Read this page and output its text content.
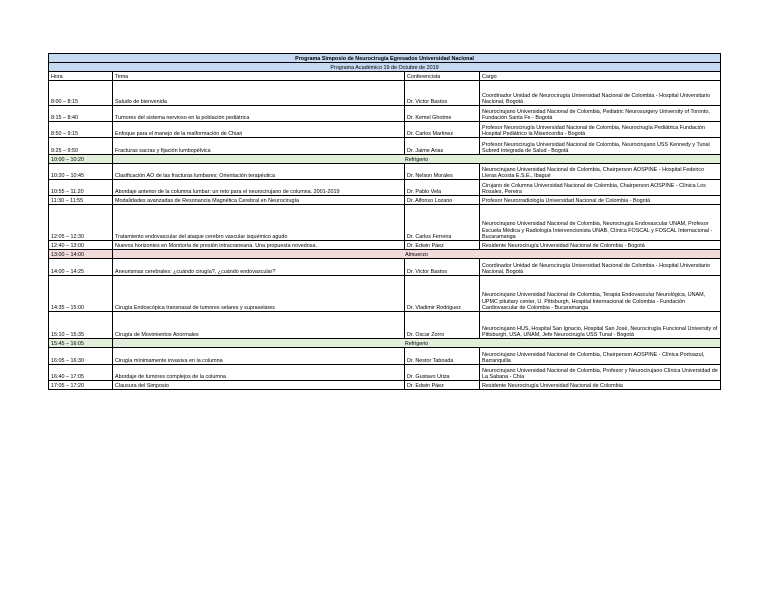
Programa Simposio de Neurocirugía Egresados Universidad Nacional			
Programa Académico 19 de Octubre de 2019			
Hora	Tema	Conferencista	Cargo
8:00 – 8:15	Saludo de bienvenida	Dr. Victor Bastos	Coordinador Unidad de Neurocirugía Universidad Nacional de Colombia - Hospital Universitario Nacional, Bogotá
8:15 – 8:40	Tumores del sistema nervioso en la población pediátrica	Dr. Kemel Ghotme	Neurocirujano Universidad Nacional de Colombia, Pediatric Neurosurgery University of Toronto, Fundación Santa Fe - Bogotá
8:50 – 9:15	Enfoque para el manejo de la malformación de Chiari	Dr. Carlos Martinez	Profesor Neurocirugía Universidad Nacional de Colombia, Neurocirugía Pediátrica Fundación Hospital Pediátrico la Misericordia - Bogotá
9:25 – 9:50	Fracturas sacras y fijación lumbopélvica	Dr. Jaime Arias	Profesor Neurocirugía Universidad Nacional de Colombia, Neurocirujano USS Kennedy y Tunal Subred Integrada de Salud - Bogotá
10:00 – 10:20	Refrigerio		
10:20 – 10:45	Clasificación AO de las fracturas lumbares; Orientación terapéutica	Dr. Nelson Morales	Neurocirujano Universidad Nacional de Colombia, Chairperson AOSPINE - Hospital Federico Lleras Acosta E.S.E., Ibagué
10:55 – 11:20	Abordaje anterior de la columna lumbar: un reto para el neurocirujano de columna. 2001-2019	Dr. Pablo Vela	Cirujano de Columna Universidad Nacional de Colombia, Chairperson AOSPINE - Clínica Los Rosales, Pereira
11:30 – 11:55	Modalidades avanzadas de Resonancia Magnética Cerebral en Neurocirugía	Dr. Alfonso Lozano	Profesor Neurorradiología Universidad Nacional de Colombia - Bogotá
12:05 – 12:30	Tratamiento endovascular del ataque cerebro vascular isquémico agudo	Dr. Carlos Ferreira	Neurocirujano Universidad Nacional de Colombia, Neurocirugía Endovascular UNAM, Profesor Escuela Médica y Radiología Intervencionista UNAB, Clínica FOSCAL y FOSCAL Internacional - Bucaramanga
12:40 – 13:00	Nuevos horizontes en Monitoría de presión intracraneana. Una propuesta novedosa.	Dr. Edwin Páez	Residente Neurocirugía Universidad Nacional de Colombia - Bogotá
13:00 – 14:00	Almuerzo		
14:00 – 14:25	Aneurismas cerebrales: ¿cuándo cirugía?, ¿cuándo endovascular?	Dr. Victor Bastos	Coordinador Unidad de Neurocirugía Universidad Nacional de Colombia - Hospital Universitario Nacional, Bogotá
14:35 – 15:00	Cirugía Endoscópica transnasal de tumores selares y supraselares	Dr. Vladimir Rodriguez	Neurocirujano Universidad Nacional de Colombia, Terapia Endovascular Neurológica, UNAM, UPMC pituitary center, U. Pittsburgh, Hospital Internacional de Colombia - Fundación Cardiovascular de Colombia - Bucaramanga
15:10 – 15:35	Cirugía de Movimientos Anormales	Dr. Oscar Zorro	Neurocirujano HUS, Hospital San Ignacio, Hospital San José, Neurocirugía Funcional University of Pittsburgh, USA, UNAM, Jefe Neurocirugía USS Tunal - Bogotá
15:45 – 16:05	Refrigerio		
16:05 – 16:30	Cirugía mínimamente invasiva en la columna	Dr. Nestor Taboada	Neurocirujano Universidad Nacional de Colombia, Chairperson AOSPINE - Clínica Portoazul, Barranquilla
16:40 – 17:05	Abordaje de tumores complejos de la columna	Dr. Gustavo Uriza	Neurocirujano Universidad Nacional de Colombia, Profesor y Neurocirujano Clínica Universidad de La Sabana - Chía
17:05 – 17:20	Clausura del Simposio	Dr. Edwin Páez	Residente Neurocirugía Universidad Nacional de Colombia
